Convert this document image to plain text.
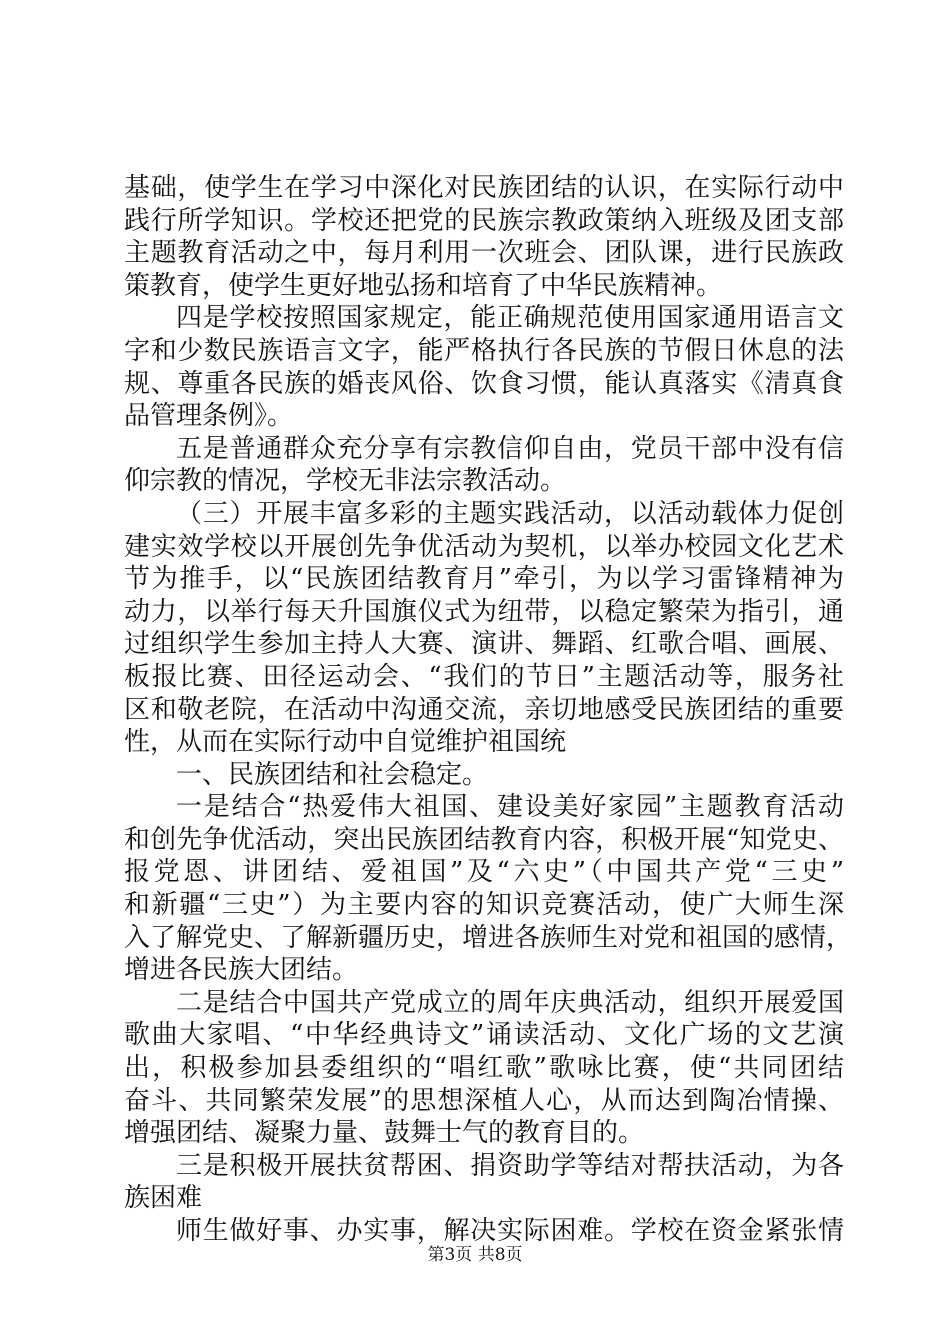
基础，使学生在学习中深化对民族团结的认识，在实际行动中
践行所学知识。学校还把党的民族宗教政策纳入班级及团支部
主题教育活动之中，每月利用一次班会、团队课，进行民族政
策教育，使学生更好地弘扬和培育了中华民族精神。
四是学校按照国家规定，能正确规范使用国家通用语言文
字和少数民族语言文字，能严格执行各民族的节假日休息的法
规、尊重各民族的婚丧风俗、饮食习惯，能认真落实《清真食
品管理条例》。
五是普通群众充分享有宗教信仰自由，党员干部中没有信
仰宗教的情况，学校无非法宗教活动。
（三）开展丰富多彩的主题实践活动，以活动载体力促创
建实效学校以开展创先争优活动为契机，以举办校园文化艺术
节为推手，以“民族团结教育月”牵引，为以学习雷锋精神为
动力，以举行每天升国旗仪式为纽带，以稳定繁荣为指引，通
过组织学生参加主持人大赛、演讲、舞蹈、红歌合唱、画展、
板报比赛、田径运动会、“我们的节日”主题活动等，服务社
区和敬老院，在活动中沟通交流，亲切地感受民族团结的重要
性，从而在实际行动中自觉维护祖国统
一、民族团结和社会稳定。
一是结合“热爱伟大祖国、建设美好家园”主题教育活动
和创先争优活动，突出民族团结教育内容，积极开展“知党史、
报党恩、讲团结、爱祖国”及“六史”（中国共产党“三史”
和新疆“三史”）为主要内容的知识竞赛活动，使广大师生深
入了解党史、了解新疆历史，增进各族师生对党和祖国的感情，
增进各民族大团结。
二是结合中国共产党成立的周年庆典活动，组织开展爱国
歌曲大家唱、“中华经典诗文”诵读活动、文化广场的文艺演
出，积极参加县委组织的“唱红歌”歌咏比赛，使“共同团结
奋斗、共同繁荣发展”的思想深植人心，从而达到陶冶情操、
增强团结、凝聚力量、鼓舞士气的教育目的。
三是积极开展扶贫帮困、捐资助学等结对帮扶活动，为各
族困难
师生做好事、办实事，解决实际困难。学校在资金紧张情
第3页 共8页
